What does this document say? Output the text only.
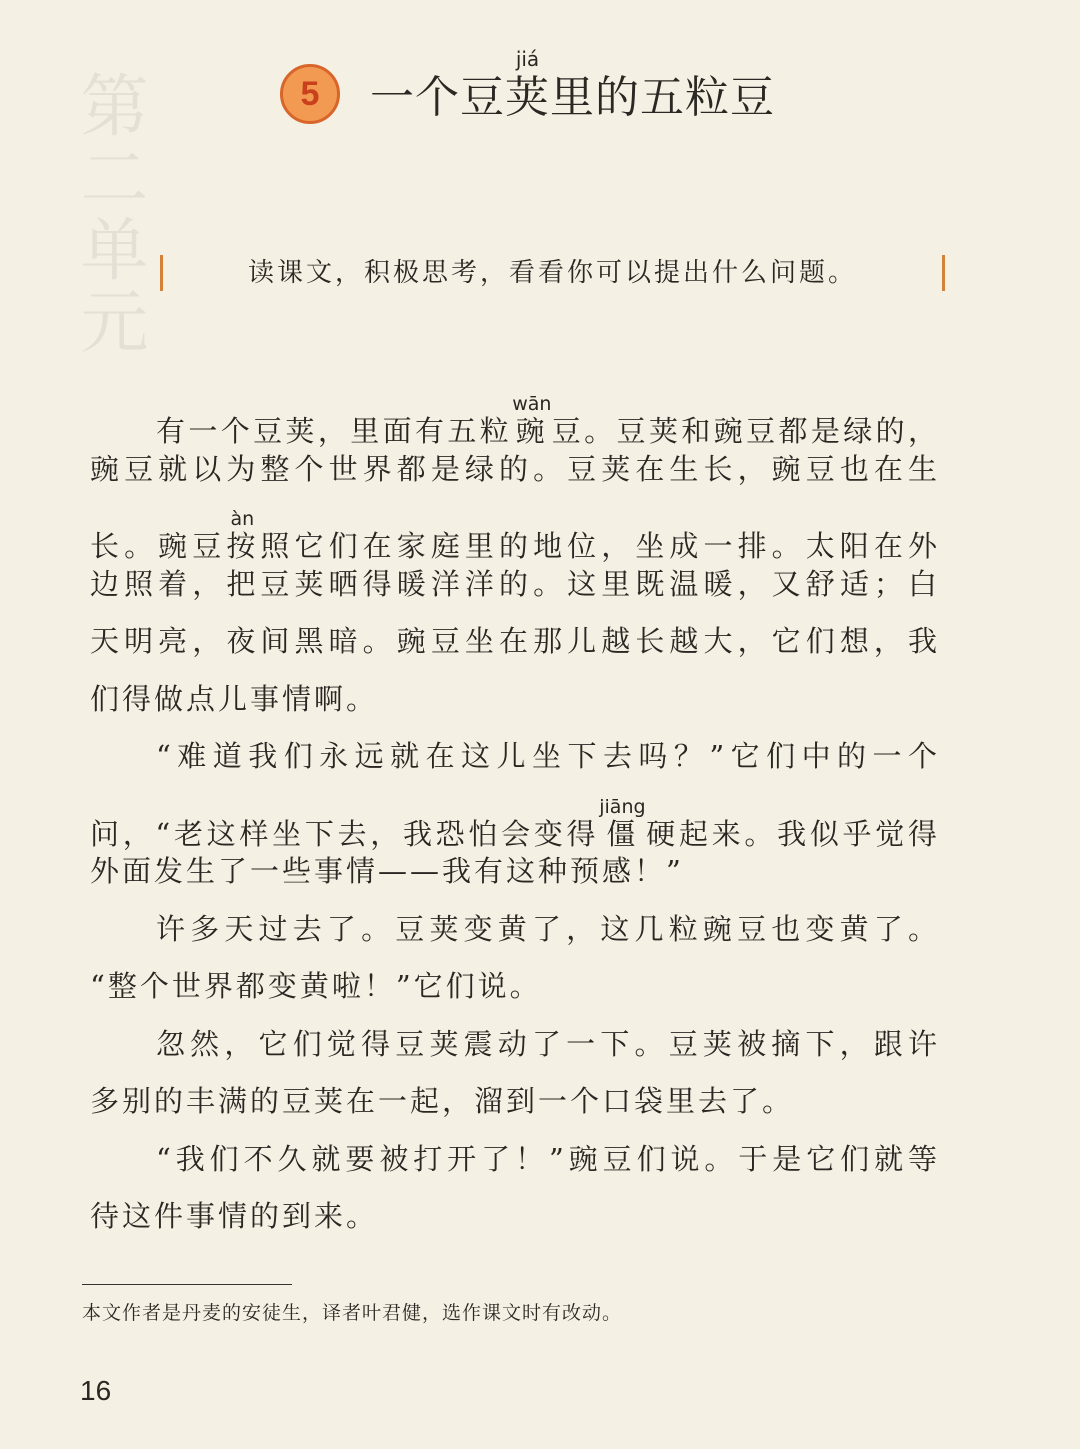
第二单元	5	一个豆
jiá
荚 里的五粒豆
读课文，积极思考，看看你可以提出什么问题。
有一个豆荚，里面有五粒
wān
豌 豆。豆荚和豌豆都是绿的，
豌豆就以为整个世界都是绿的。豆荚在生长，豌豆也在生
长。豌豆
àn
按 照它们在家庭里的地位，坐成一排。太阳在外
边照着，把豆荚晒得暖洋洋的。这里既温暖，又舒适；白
天明亮，夜间黑暗。豌豆坐在那儿越长越大，它们想，我
们得做点儿事情啊。
“难道我们永远就在这儿坐下去吗？”它们中的一个
问，“老这样坐下去，我恐怕会变得
jiāng
僵 硬起来。我似乎觉得
外面发生了一些事情——我有这种预感！”
许多天过去了。豆荚变黄了，这几粒豌豆也变黄了。
“整个世界都变黄啦！”它们说。
忽然，它们觉得豆荚震动了一下。豆荚被摘下，跟许
多别的丰满的豆荚在一起，溜到一个口袋里去了。
“我们不久就要被打开了！”豌豆们说。于是它们就等
待这件事情的到来。
本文作者是丹麦的安徒生，译者叶君健，选作课文时有改动。
16
